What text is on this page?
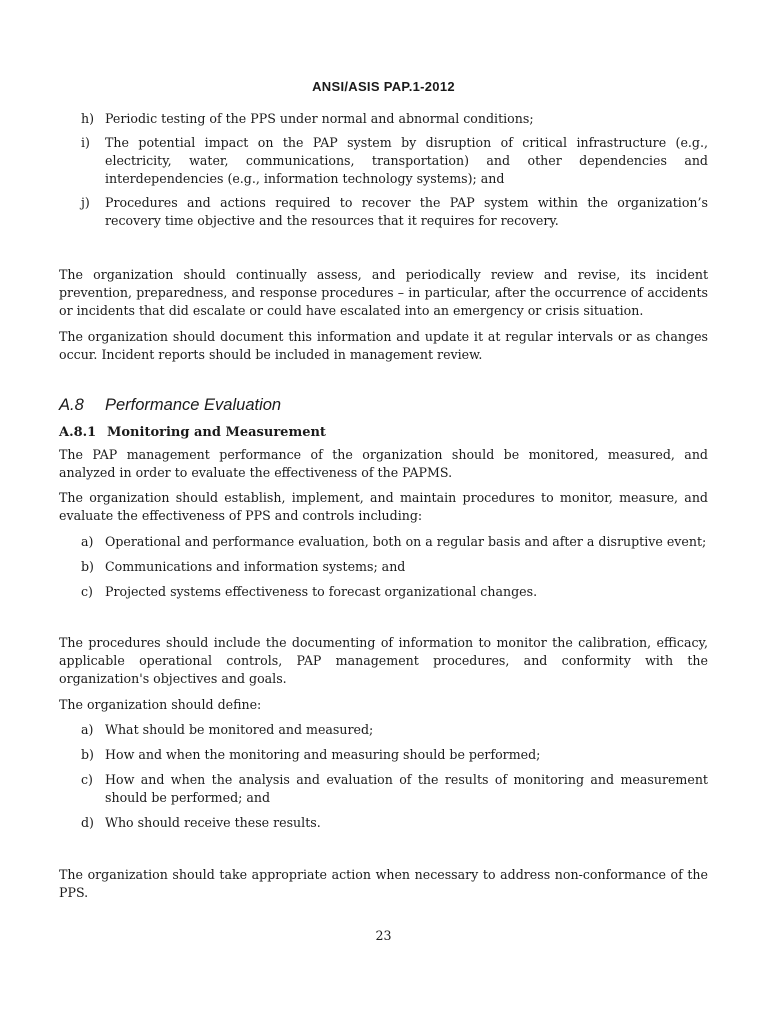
ANSI/ASIS PAP.1-2012
h) Periodic testing of the PPS under normal and abnormal conditions;
i)	The potential impact on the PAP system by disruption of critical infrastructure (e.g., electricity, water, communications, transportation) and other dependencies and interdependencies (e.g., information technology systems); and
j)	Procedures and actions required to recover the PAP system within the organization’s recovery time objective and the resources that it requires for recovery.

The organization should continually assess, and periodically review and revise, its incident prevention, preparedness, and response procedures – in particular, after the occurrence of accidents or incidents that did escalate or could have escalated into an emergency or crisis situation.

The organization should document this information and update it at regular intervals or as changes occur. Incident reports should be included in management review.

A.8 Performance Evaluation
A.8.1 Monitoring and Measurement

The PAP management performance of the organization should be monitored, measured, and analyzed in order to evaluate the effectiveness of the PAPMS.

The organization should establish, implement, and maintain procedures to monitor, measure, and evaluate the effectiveness of PPS and controls including:

a) Operational and performance evaluation, both on a regular basis and after a disruptive event;
b) Communications and information systems; and
c) Projected systems effectiveness to forecast organizational changes.

The procedures should include the documenting of information to monitor the calibration, efficacy, applicable operational controls, PAP management procedures, and conformity with the organization's objectives and goals.

The organization should define:

a) What should be monitored and measured;
b) How and when the monitoring and measuring should be performed;
c) How and when the analysis and evaluation of the results of monitoring and measurement should be performed; and
d) Who should receive these results.

The organization should take appropriate action when necessary to address non-conformance of the PPS.

23
